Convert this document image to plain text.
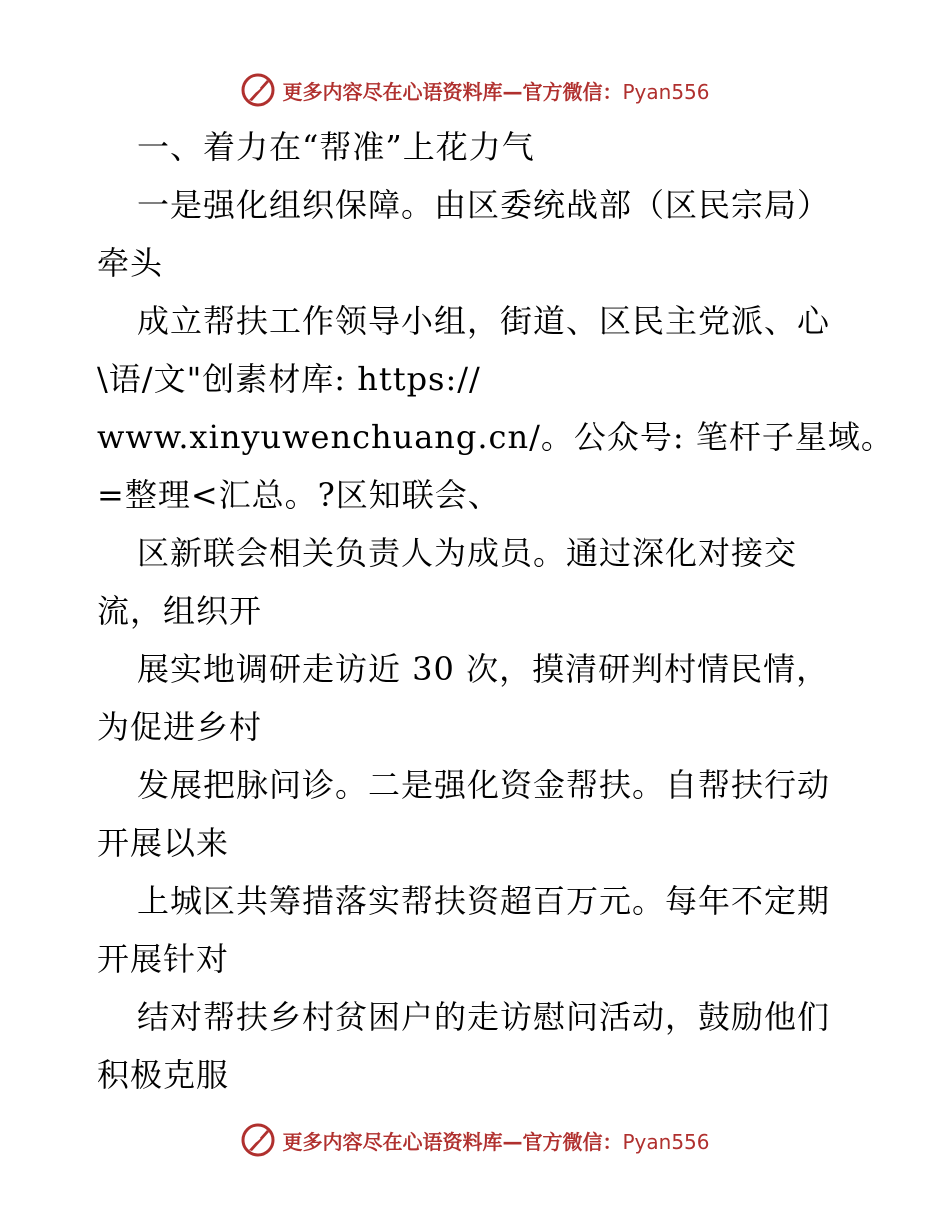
更多内容尽在心语资料库—官方微信：Pyan556
一、着力在“帮准”上花力气
一是强化组织保障。由区委统战部（区民宗局）
牵头
成立帮扶工作领导小组，街道、区民主党派、心
\语/文"创素材库: https://
www.xinyuwenchuang.cn/。公众号: 笔杆子星域。
=整理<汇总。?区知联会、
区新联会相关负责人为成员。通过深化对接交
流，组织开
展实地调研走访近 30 次，摸清研判村情民情，
为促进乡村
发展把脉问诊。二是强化资金帮扶。自帮扶行动
开展以来
上城区共筹措落实帮扶资超百万元。每年不定期
开展针对
结对帮扶乡村贫困户的走访慰问活动，鼓励他们
积极克服
更多内容尽在心语资料库—官方微信：Pyan556
